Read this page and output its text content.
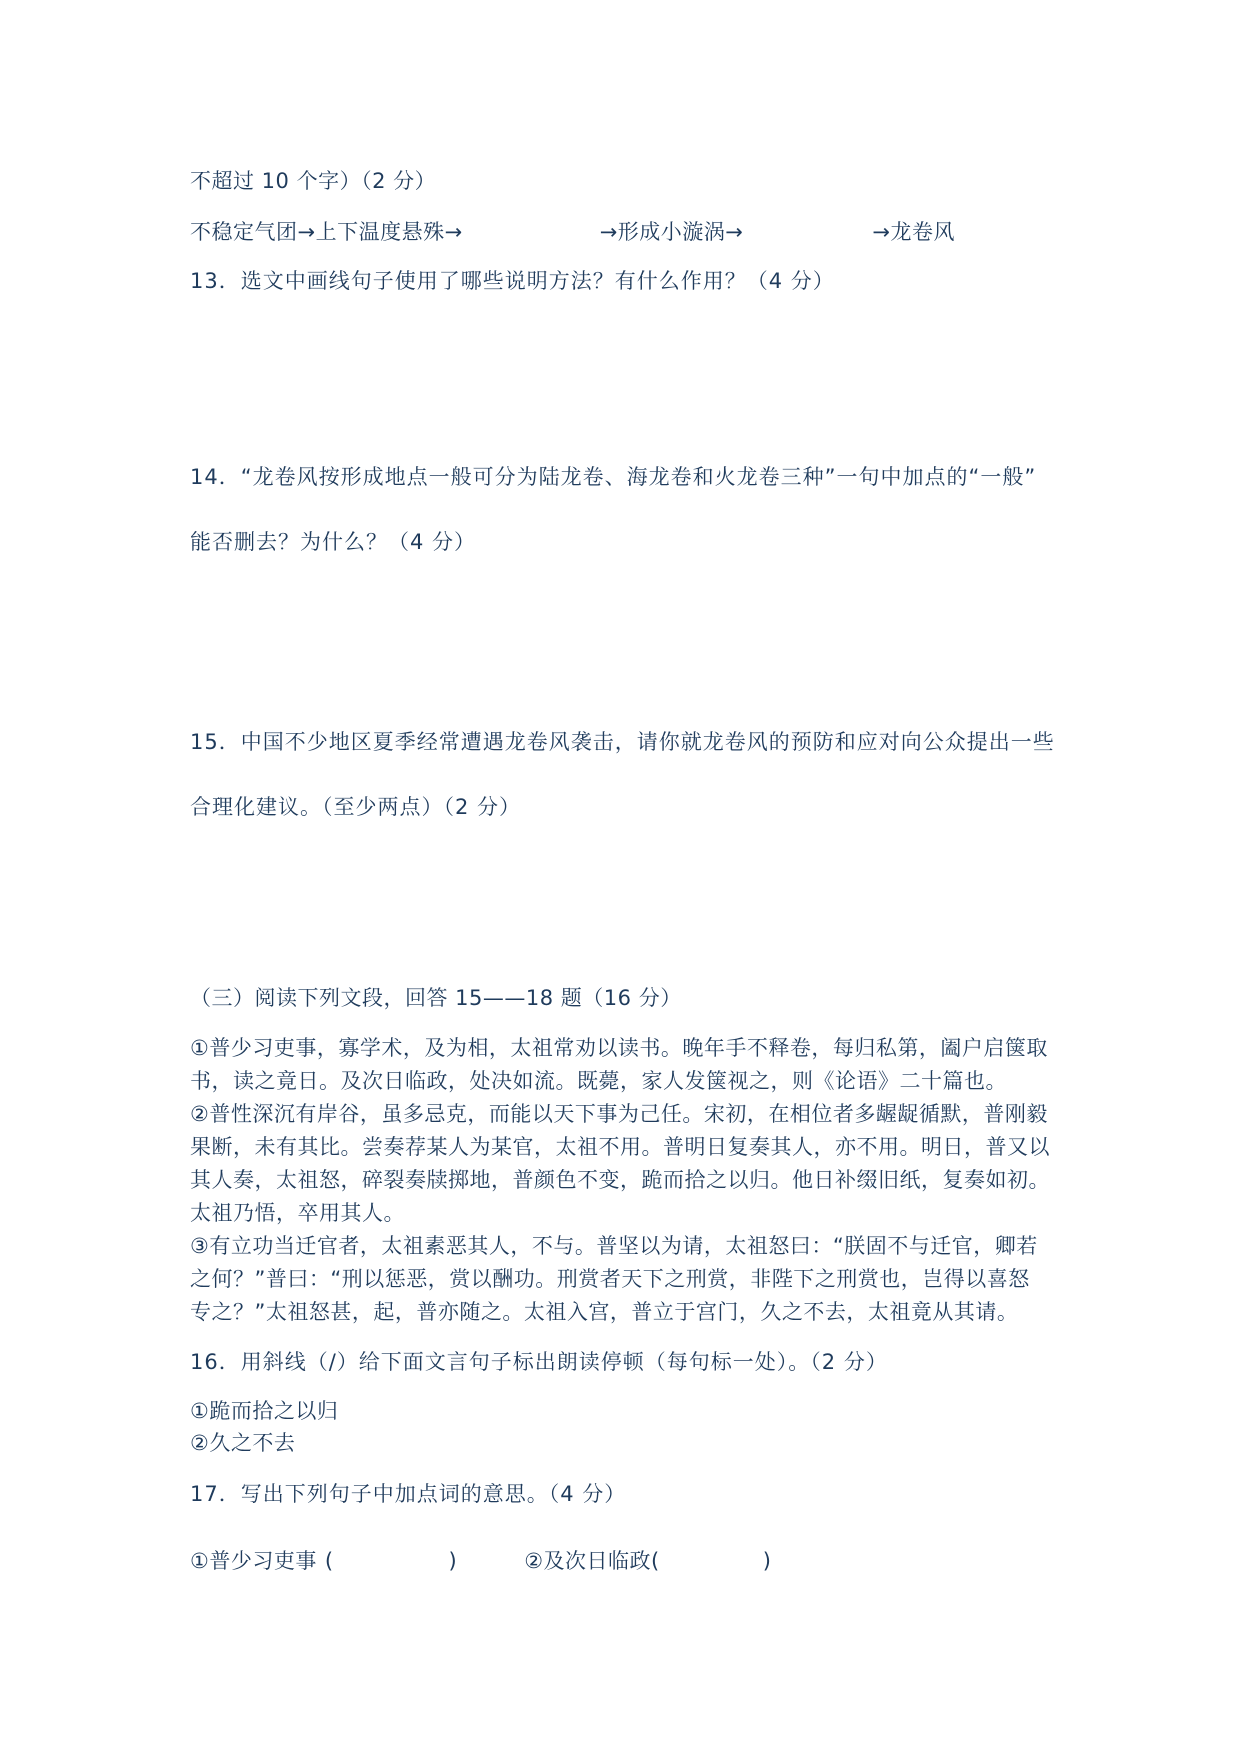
不超过 10 个字）（2 分）
不稳定气团→上下温度悬殊→	→形成小漩涡→	→龙卷风
13．选文中画线句子使用了哪些说明方法？有什么作用？（4 分）
14．“龙卷风按形成地点一般可分为陆龙卷、海龙卷和火龙卷三种”一句中加点的“一般”
能否删去？为什么？（4 分）
15．中国不少地区夏季经常遭遇龙卷风袭击，请你就龙卷风的预防和应对向公众提出一些
合理化建议。（至少两点）（2 分）
（三）阅读下列文段，回答 15——18 题（16 分）
①普少习吏事，寡学术，及为相，太祖常劝以读书。晚年手不释卷，每归私第，阖户启箧取
书，读之竟日。及次日临政，处决如流。既薨，家人发箧视之，则《论语》二十篇也。
②普性深沉有岸谷，虽多忌克，而能以天下事为己任。宋初，在相位者多龌龊循默，普刚毅
果断，未有其比。尝奏荐某人为某官，太祖不用。普明日复奏其人，亦不用。明日，普又以
其人奏，太祖怒，碎裂奏牍掷地，普颜色不变，跪而拾之以归。他日补缀旧纸，复奏如初。
太祖乃悟，卒用其人。
③有立功当迁官者，太祖素恶其人，不与。普坚以为请，太祖怒曰：“朕固不与迁官，卿若
之何？”普曰：“刑以惩恶，赏以酬功。刑赏者天下之刑赏，非陛下之刑赏也，岂得以喜怒
专之？”太祖怒甚，起，普亦随之。太祖入宫，普立于宫门，久之不去，太祖竟从其请。
16．用斜线（/）给下面文言句子标出朗读停顿（每句标一处）。（2 分）
①跪而拾之以归
②久之不去
17．写出下列句子中加点词的意思。（4 分）
①普少习吏事 (	)	②及次日临政(	)
